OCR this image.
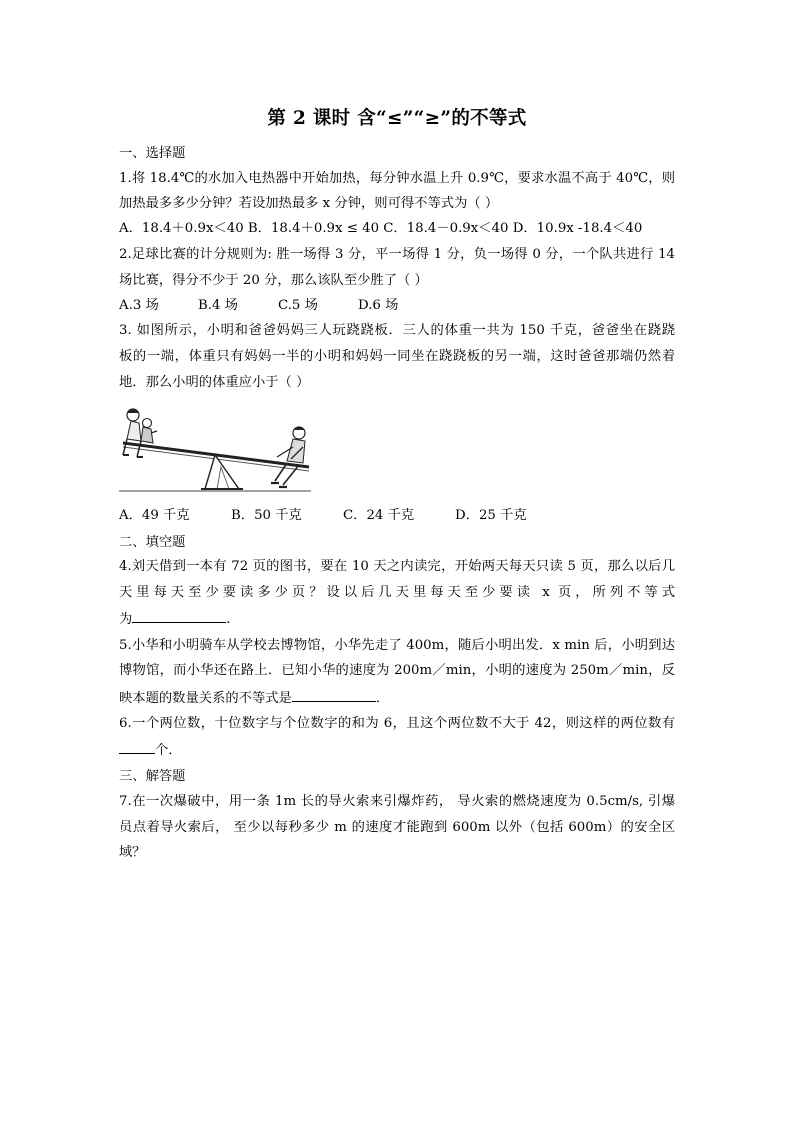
第 2 课时 含“≤”“≥”的不等式
一、选择题
1.将 18.4℃的水加入电热器中开始加热，每分钟水温上升 0.9℃，要求水温不高于 40℃，则
加热最多多少分钟？若设加热最多 x 分钟，则可得不等式为（ ）
A．18.4＋0.9x＜40 B．18.4＋0.9x ≤ 40 C．18.4－0.9x＜40 D．10.9x -18.4＜40
2.足球比赛的计分规则为: 胜一场得 3 分，平一场得 1 分，负一场得 0 分，一个队共进行 14
场比赛，得分不少于 20 分，那么该队至少胜了（ ）
A.3 场	B.4 场	C.5 场	D.6 场
3. 如图所示，小明和爸爸妈妈三人玩跷跷板．三人的体重一共为 150 千克，爸爸坐在跷跷
板的一端，体重只有妈妈一半的小明和妈妈一同坐在跷跷板的另一端，这时爸爸那端仍然着
地．那么小明的体重应小于（ ）
A．49 千克	B．50 千克	C．24 千克	D．25 千克
二、填空题
4.刘天借到一本有 72 页的图书，要在 10 天之内读完，开始两天每天只读 5 页，那么以后几
天里每天至少要读多少页？设以后几天里每天至少要读 x 页，所列不等式
为	.
5.小华和小明骑车从学校去博物馆，小华先走了 400m，随后小明出发．x min 后，小明到达
博物馆，而小华还在路上．已知小华的速度为 200m／min，小明的速度为 250m／min，反
映本题的数量关系的不等式是	．
6.一个两位数，十位数字与个位数字的和为 6，且这个两位数不大于 42，则这样的两位数有
个．
三、解答题
7.在一次爆破中，用一条 1m 长的导火索来引爆炸药， 导火索的燃烧速度为 0.5cm/s, 引爆
员点着导火索后， 至少以每秒多少 m 的速度才能跑到 600m 以外（包括 600m）的安全区
域？
